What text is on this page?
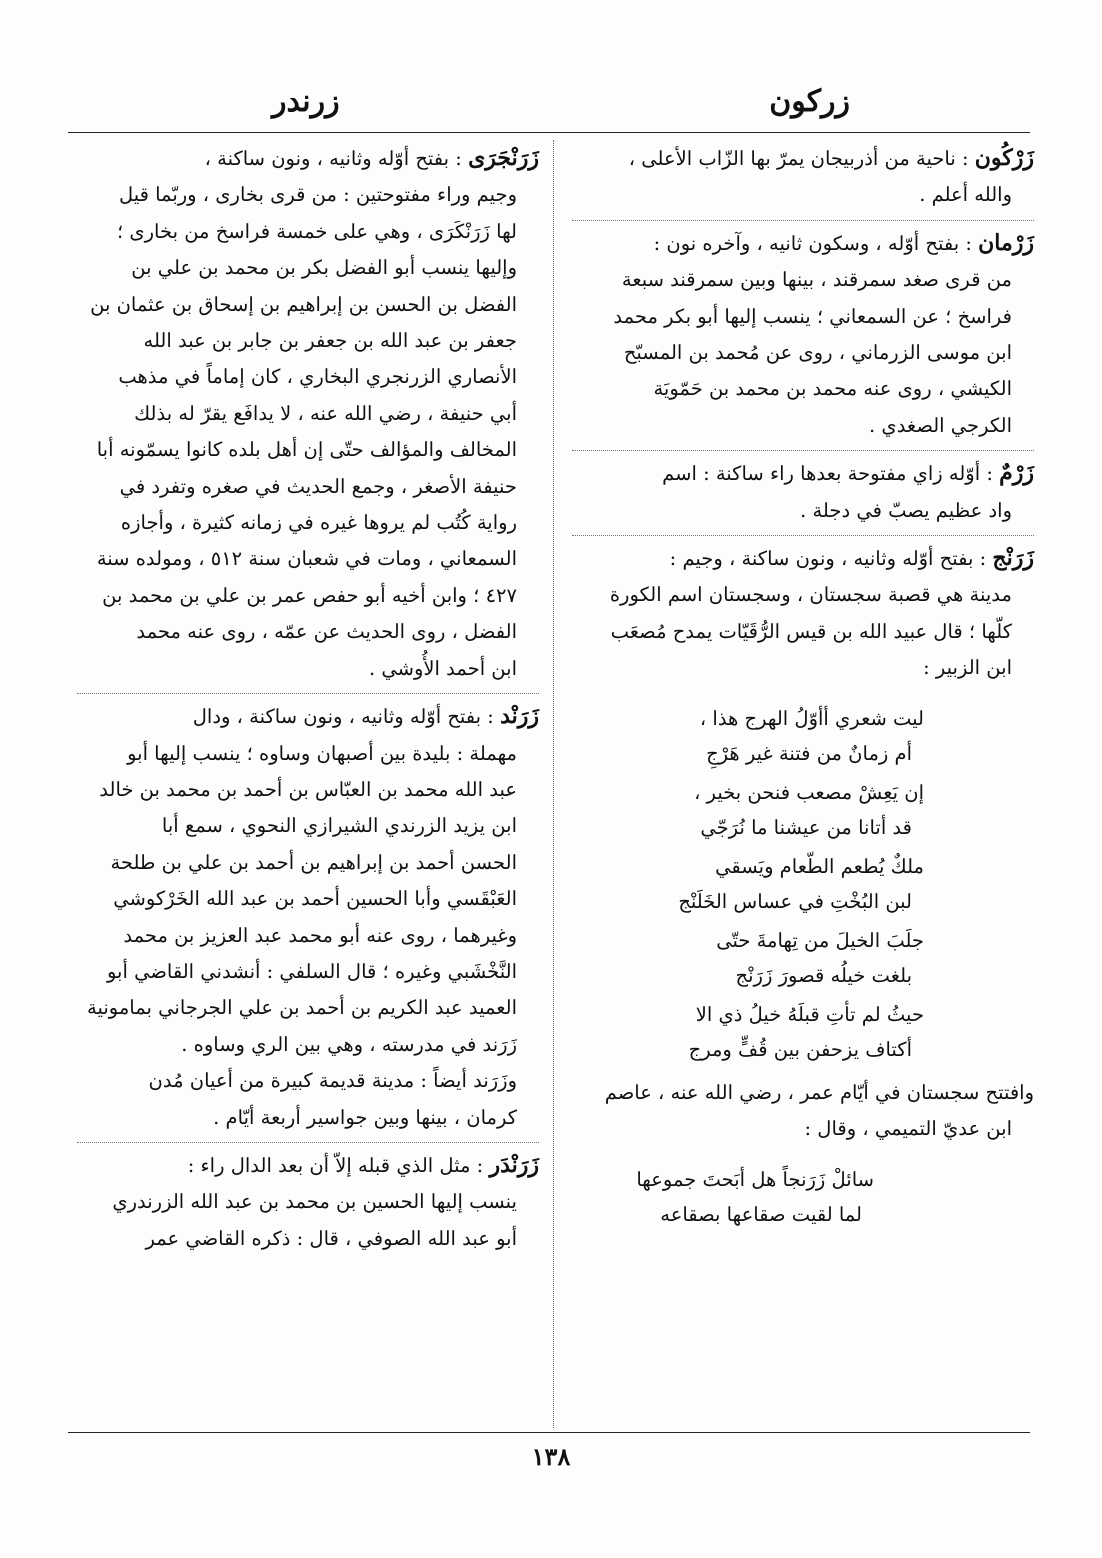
زركون
زرندر

زَرْكُون : ناحية من أذربيجان يمرّ بها الزّاب الأعلى ،

والله أعلم .

زَرْمان : بفتح أوّله ، وسكون ثانيه ، وآخره نون :

من قرى صغد سمرقند ، بينها وبين سمرقند سبعة

فراسخ ؛ عن السمعاني ؛ ينسب إليها أبو بكر محمد

ابن موسى الزرماني ، روى عن مُحمد بن المسبّح

الكيشي ، روى عنه محمد بن محمد بن حَمّويَة

الكرجي الصغدي .

زَرْمٌ : أوّله زاي مفتوحة بعدها راء ساكنة : اسم

واد عظيم يصبّ في دجلة .

زَرَنْج : بفتح أوّله وثانيه ، ونون ساكنة ، وجيم :

مدينة هي قصبة سجستان ، وسجستان اسم الكورة

كلّها ؛ قال عبيد الله بن قيس الرُّقَيّات يمدح مُصعَب

ابن الزبير :

ليت شعري أأوّلُ الهرج هذا ،
أم زمانٌ من فتنة غير هَرْجِ
إن يَعِشْ مصعب فنحن بخير ،
قد أتانا من عيشنا ما نُرَجّي
ملكٌ يُطعم الطّعام ويَسقي
لبن البُخْتِ في عساس الخَلَنْج
جلَبَ الخيلَ من تِهامةَ حتّى
بلغت خيلُه قصورَ زَرَنْج
حيثُ لم تأتِ قبلَهُ خيلُ ذي الا
أكتاف يزحفن بين قُفٍّ ومرج

وافتتح سجستان في أيّام عمر ، رضي الله عنه ، عاصم

ابن عديّ التميمي ، وقال :

سائلْ زَرَنجاً هل أبَحتَ جموعها
لما لقيت صقاعها بصقاعه

زَرَنْجَرَى : بفتح أوّله وثانيه ، ونون ساكنة ،

وجيم وراء مفتوحتين : من قرى بخارى ، وربّما قيل

لها زَرَنْكَرَى ، وهي على خمسة فراسخ من بخارى ؛

وإليها ينسب أبو الفضل بكر بن محمد بن علي بن

الفضل بن الحسن بن إبراهيم بن إسحاق بن عثمان بن

جعفر بن عبد الله بن جعفر بن جابر بن عبد الله

الأنصاري الزرنجري البخاري ، كان إماماً في مذهب

أبي حنيفة ، رضي الله عنه ، لا يدافَع يقرّ له بذلك

المخالف والمؤالف حتّى إن أهل بلده كانوا يسمّونه أبا

حنيفة الأصغر ، وجمع الحديث في صغره وتفرد في

رواية كُتُب لم يروها غيره في زمانه كثيرة ، وأجازه

السمعاني ، ومات في شعبان سنة ٥١٢ ، ومولده سنة

٤٢٧ ؛ وابن أخيه أبو حفص عمر بن علي بن محمد بن

الفضل ، روى الحديث عن عمّه ، روى عنه محمد

ابن أحمد الأُوشي .

زَرَنْد : بفتح أوّله وثانيه ، ونون ساكنة ، ودال

مهملة : بليدة بين أصبهان وساوه ؛ ينسب إليها أبو

عبد الله محمد بن العبّاس بن أحمد بن محمد بن خالد

ابن يزيد الزرندي الشيرازي النحوي ، سمع أبا

الحسن أحمد بن إبراهيم بن أحمد بن علي بن طلحة

العَبْقَسي وأبا الحسين أحمد بن عبد الله الخَرْكوشي

وغيرهما ، روى عنه أبو محمد عبد العزيز بن محمد

النَّخْشَبي وغيره ؛ قال السلفي : أنشدني القاضي أبو

العميد عبد الكريم بن أحمد بن علي الجرجاني بمامونية

زَرَند في مدرسته ، وهي بين الري وساوه .

وزَرَند أيضاً : مدينة قديمة كبيرة من أعيان مُدن

كرمان ، بينها وبين جواسير أربعة أيّام .

زَرَنْدَر : مثل الذي قبله إلاّ أن بعد الدال راء :

ينسب إليها الحسين بن محمد بن عبد الله الزرندري

أبو عبد الله الصوفي ، قال : ذكره القاضي عمر

١٣٨
